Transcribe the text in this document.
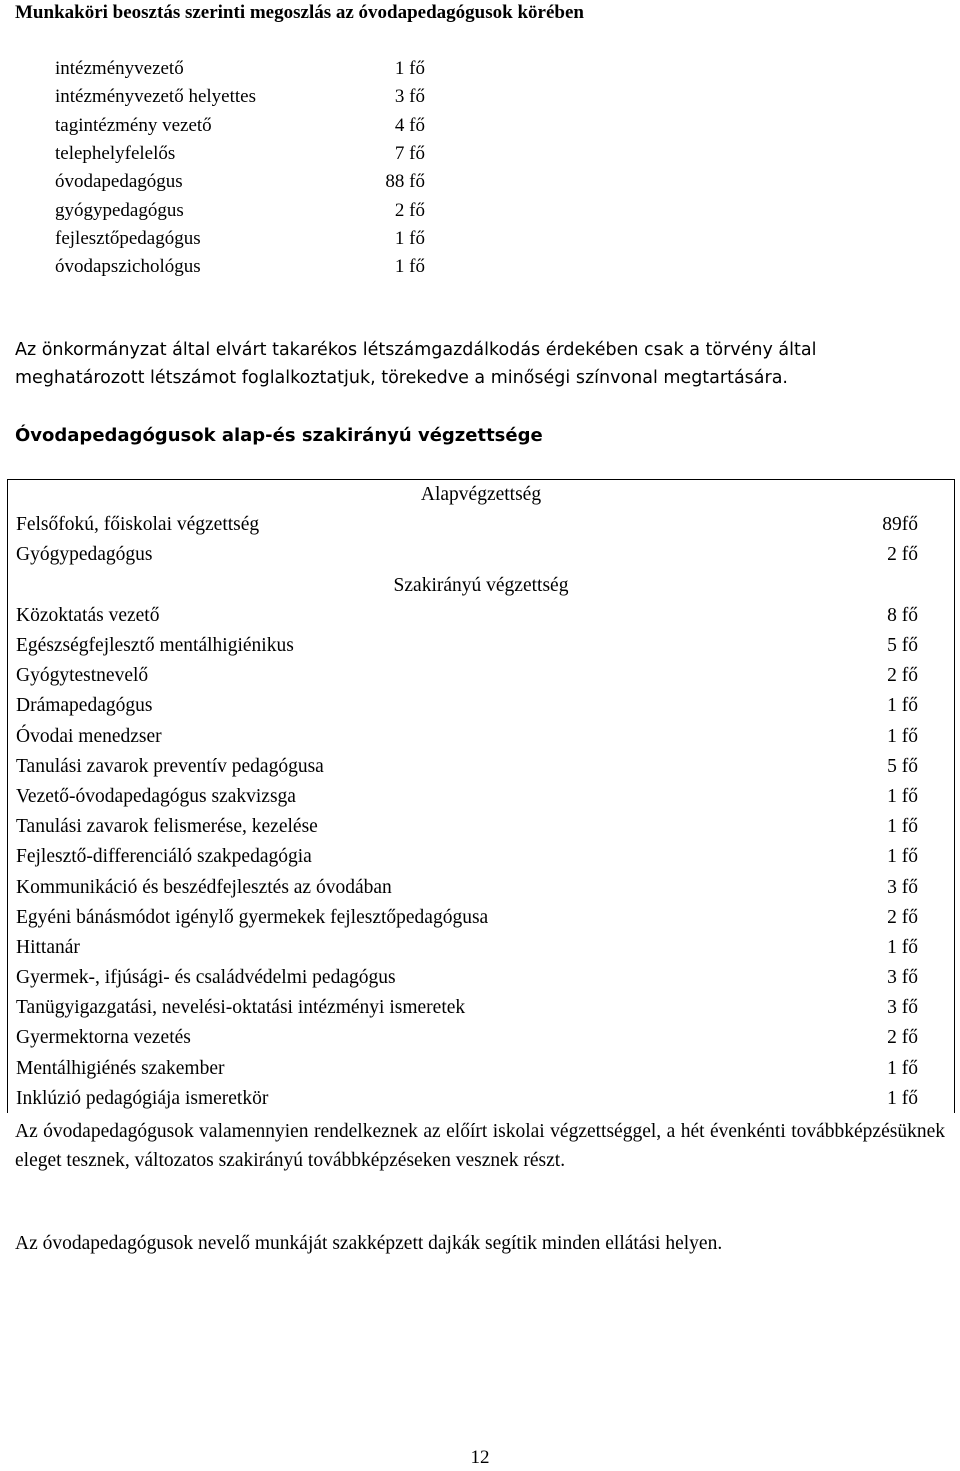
Munkaköri beosztás szerinti megoszlás az óvodapedagógusok körében
intézményvezető	1 fő
intézményvezető helyettes	3 fő
tagintézmény vezető	4 fő
telephelyfelelős	7 fő
óvodapedagógus	88 fő
gyógypedagógus	2 fő
fejlesztőpedagógus	1 fő
óvodapszichológus	1 fő
Az önkormányzat által elvárt takarékos létszámgazdálkodás érdekében csak a törvény által
meghatározott létszámot foglalkoztatjuk, törekedve a minőségi színvonal megtartására.
Óvodapedagógusok alap-és szakirányú végzettsége
Alapvégzettség
Felsőfokú, főiskolai végzettség	89fő
Gyógypedagógus	2 fő
Szakirányú végzettség
Közoktatás vezető	8 fő
Egészségfejlesztő mentálhigiénikus	5 fő
Gyógytestnevelő	2 fő
Drámapedagógus	1 fő
Óvodai menedzser	1 fő
Tanulási zavarok preventív pedagógusa	5 fő
Vezető-óvodapedagógus szakvizsga	1 fő
Tanulási zavarok felismerése, kezelése	1 fő
Fejlesztő-differenciáló szakpedagógia	1 fő
Kommunikáció és beszédfejlesztés az óvodában	3 fő
Egyéni bánásmódot igénylő gyermekek fejlesztőpedagógusa	2 fő
Hittanár	1 fő
Gyermek-, ifjúsági- és családvédelmi pedagógus	3 fő
Tanügyigazgatási, nevelési-oktatási intézményi ismeretek	3 fő
Gyermektorna vezetés	2 fő
Mentálhigiénés szakember	1 fő
Inklúzió pedagógiája ismeretkör	1 fő
Az óvodapedagógusok valamennyien rendelkeznek az előírt iskolai végzettséggel, a hét évenkénti továbbképzésüknek eleget tesznek, változatos szakirányú továbbképzéseken vesznek részt.
Az óvodapedagógusok nevelő munkáját szakképzett dajkák segítik minden ellátási helyen.
12
